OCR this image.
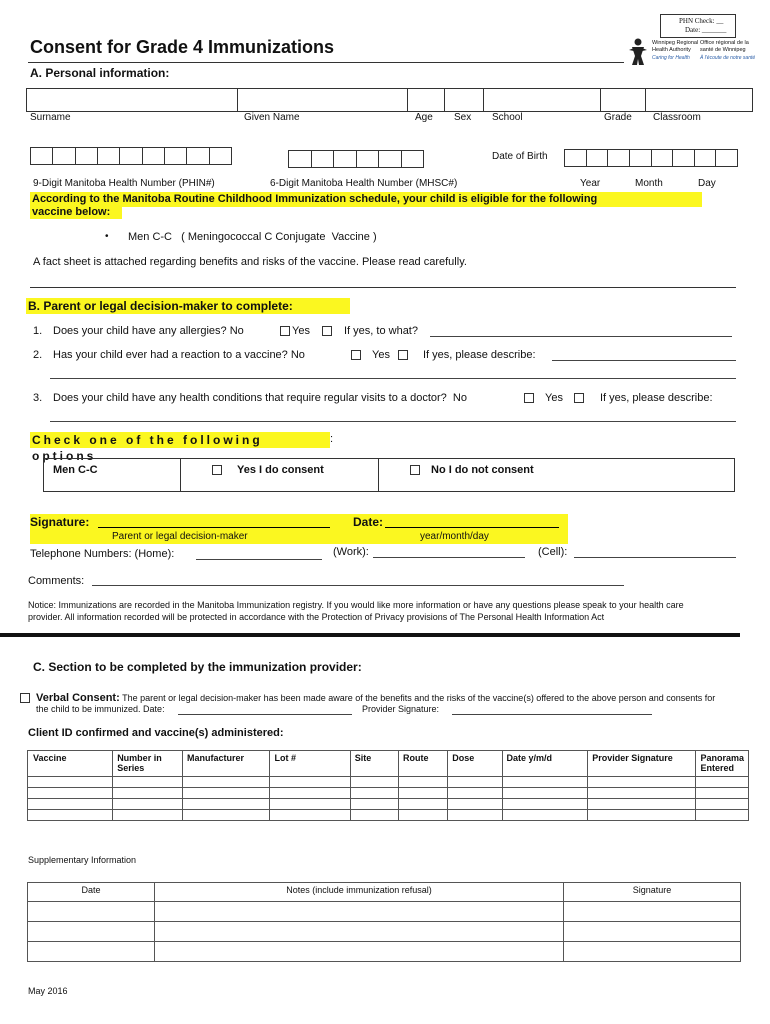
PHN Check: __
Date: _______
Consent for Grade 4 Immunizations	Winnipeg Regional
Health Authority
Caring for Health
Office régional de la
santé de Winnipeg
À l'écoute de notre santé
A. Personal information:
Surname	Given Name	Age Sex School	Grade Classroom
Date of Birth
9-Digit Manitoba Health Number (PHIN#)	6-Digit Manitoba Health Number (MHSC#)	Year	Month	Day
According to the Manitoba Routine Childhood Immunization schedule, your child is eligible for the following
vaccine below:
• Men C-C   ( Meningococcal C Conjugate  Vaccine )
A fact sheet is attached regarding benefits and risks of the vaccine. Please read carefully.
B. Parent or legal decision-maker to complete:
1. Does your child have any allergies? No	Yes	If yes, to what?
2. Has your child ever had a reaction to a vaccine? No	Yes	If yes, please describe:
3. Does your child have any health conditions that require regular visits to a doctor?  No	Yes	If yes, please describe:
Check one of the following options
:
Men C-C	Yes I do consent	No I do not consent
Signature:	Date:
Parent or legal decision-maker	year/month/day
Telephone Numbers: (Home):	(Work):	(Cell):
Comments:
Notice: Immunizations are recorded in the Manitoba Immunization registry. If you would like more information or have any questions please speak to your health care
provider. All information recorded will be protected in accordance with the Protection of Privacy provisions of The Personal Health Information Act
C. Section to be completed by the immunization provider:
Verbal Consent: The parent or legal decision-maker has been made aware of the benefits and the risks of the vaccine(s) offered to the above person and consents for
the child to be immunized. Date:	Provider Signature:
Client ID confirmed and vaccine(s) administered:
Vaccine	Number in Series	Manufacturer	Lot #	Site	Route	Dose	Date y/m/d	Provider Signature	Panorama Entered

Supplementary Information
Date	Notes (include immunization refusal)	Signature

May 2016
